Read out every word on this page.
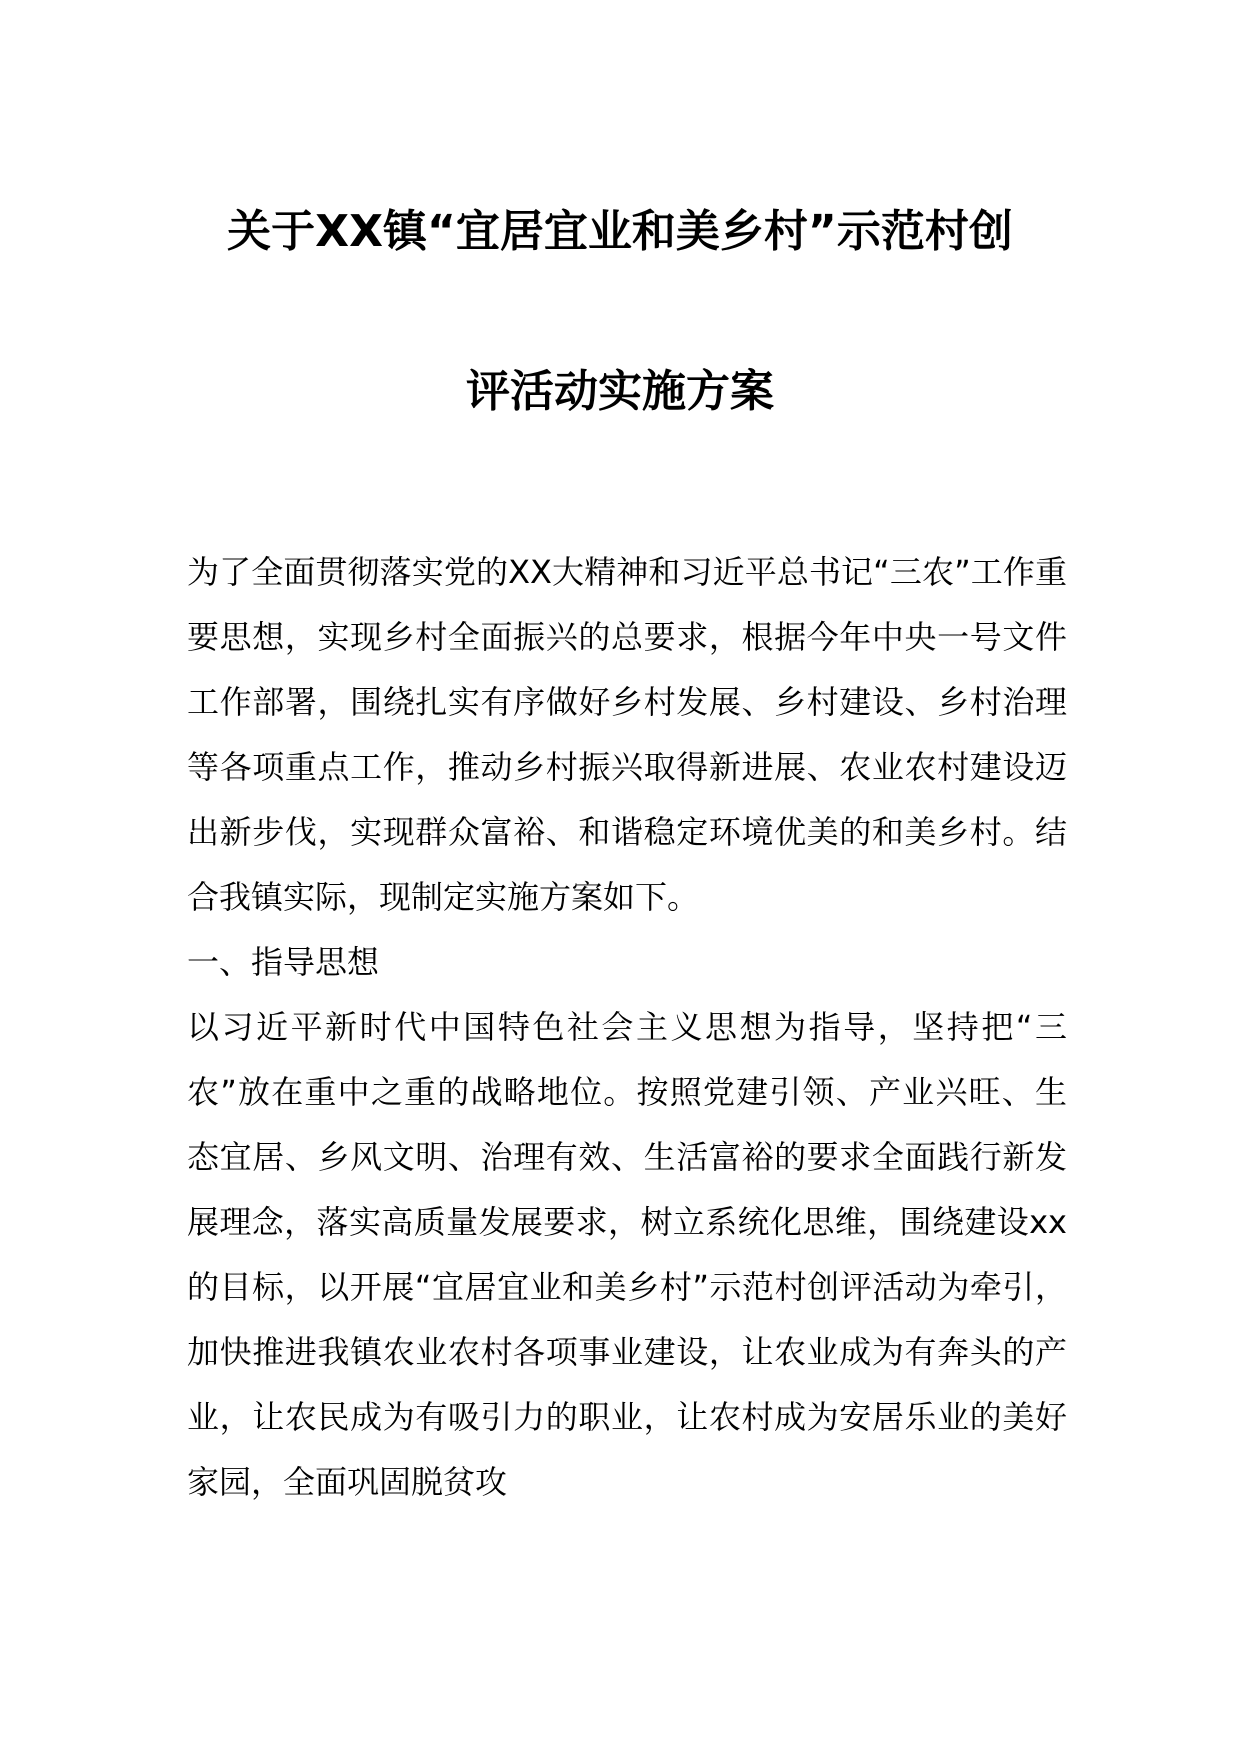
关于XX镇“宜居宜业和美乡村”示范村创
评活动实施方案

为了全面贯彻落实党的XX大精神和习近平总书记“三农”工作重要思想，实现乡村全面振兴的总要求，根据今年中央一号文件工作部署，围绕扎实有序做好乡村发展、乡村建设、乡村治理等各项重点工作，推动乡村振兴取得新进展、农业农村建设迈出新步伐，实现群众富裕、和谐稳定环境优美的和美乡村。结合我镇实际，现制定实施方案如下。

一、指导思想

以习近平新时代中国特色社会主义思想为指导，坚持把“三农”放在重中之重的战略地位。按照党建引领、产业兴旺、生态宜居、乡风文明、治理有效、生活富裕的要求全面践行新发展理念，落实高质量发展要求，树立系统化思维，围绕建设xx的目标，以开展“宜居宜业和美乡村”示范村创评活动为牵引，加快推进我镇农业农村各项事业建设，让农业成为有奔头的产业，让农民成为有吸引力的职业，让农村成为安居乐业的美好家园，全面巩固脱贫攻
